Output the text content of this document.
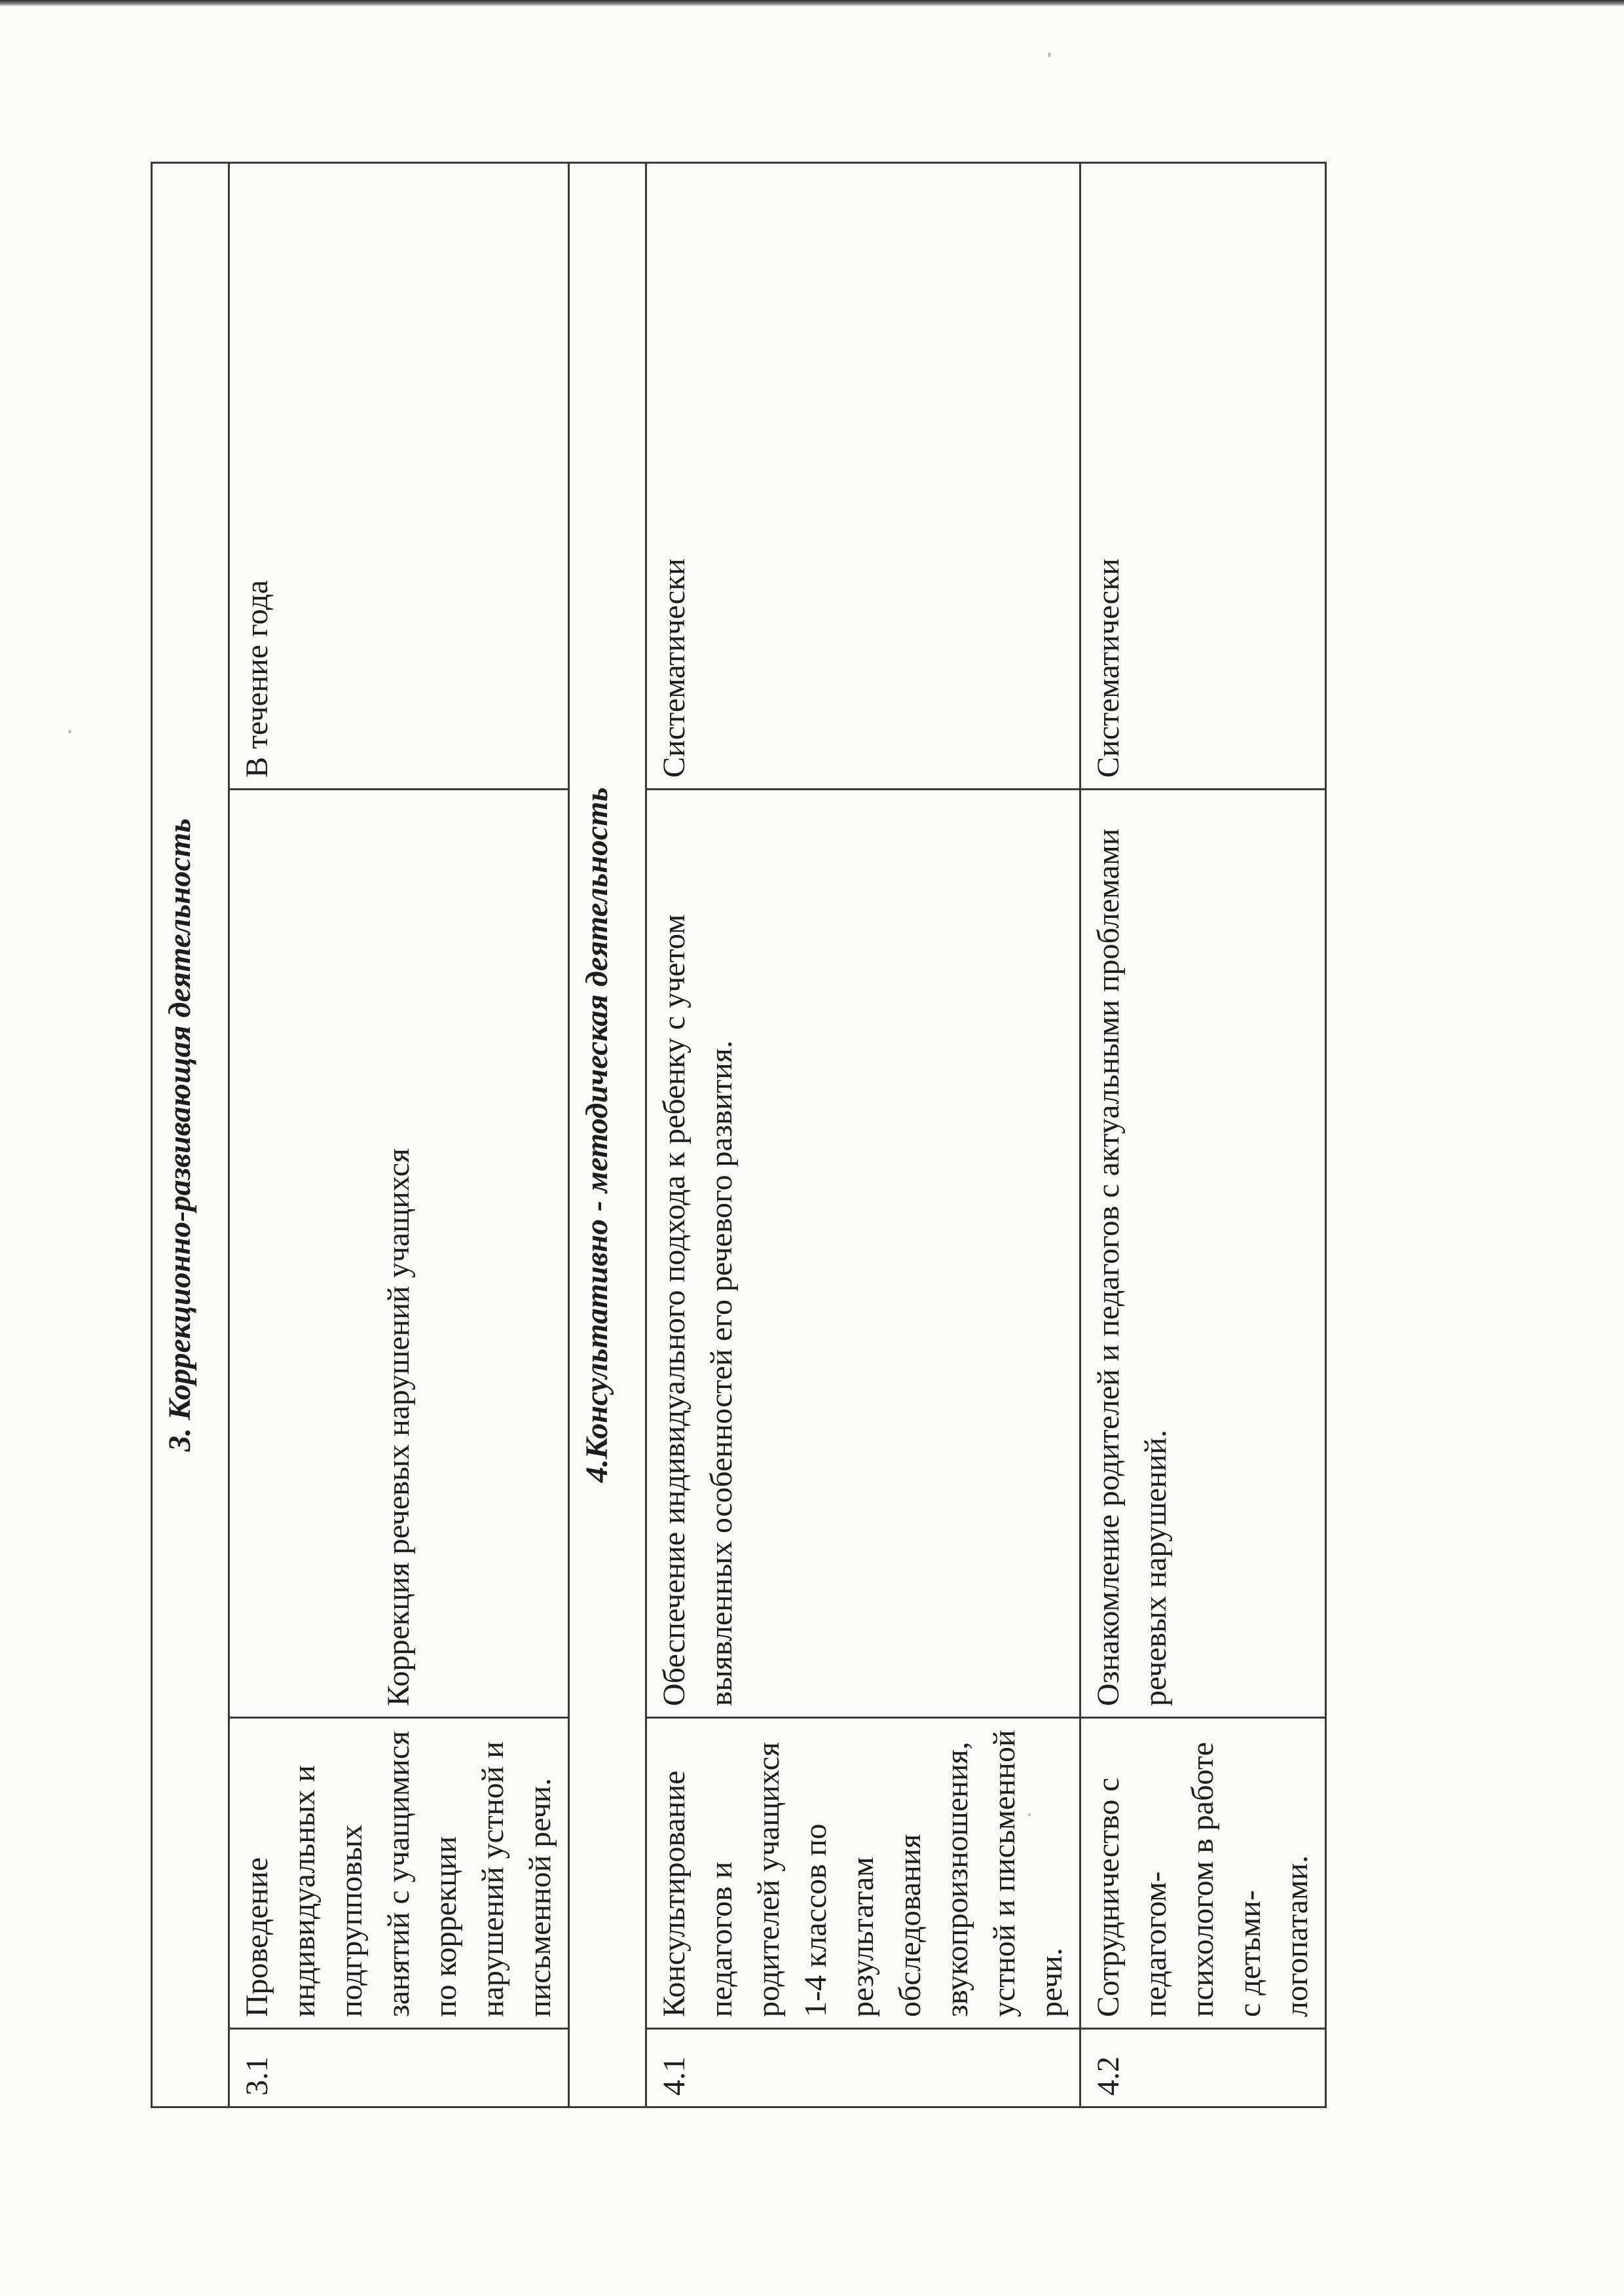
3. Коррекционно-развивающая деятельность			
3.1	Проведение индивидуальных и подгрупповых занятий с учащимися по коррекции нарушений устной и письменной речи.	Коррекция речевых нарушений учащихся	В течение года
4.Консультативно - методическая деятельность			
4.1	Консультирование педагогов и родителей учащихся 1-4 классов по результатам обследования звукопроизношения, устной и письменной речи.	Обеспечение индивидуального подхода к ребенку с учетом выявленных особенностей его речевого развития.	Систематически
4.2	Сотрудничество с педагогом-психологом в работе с детьми-логопатами.	Ознакомление родителей и педагогов с актуальными проблемами речевых нарушений.	Систематически
